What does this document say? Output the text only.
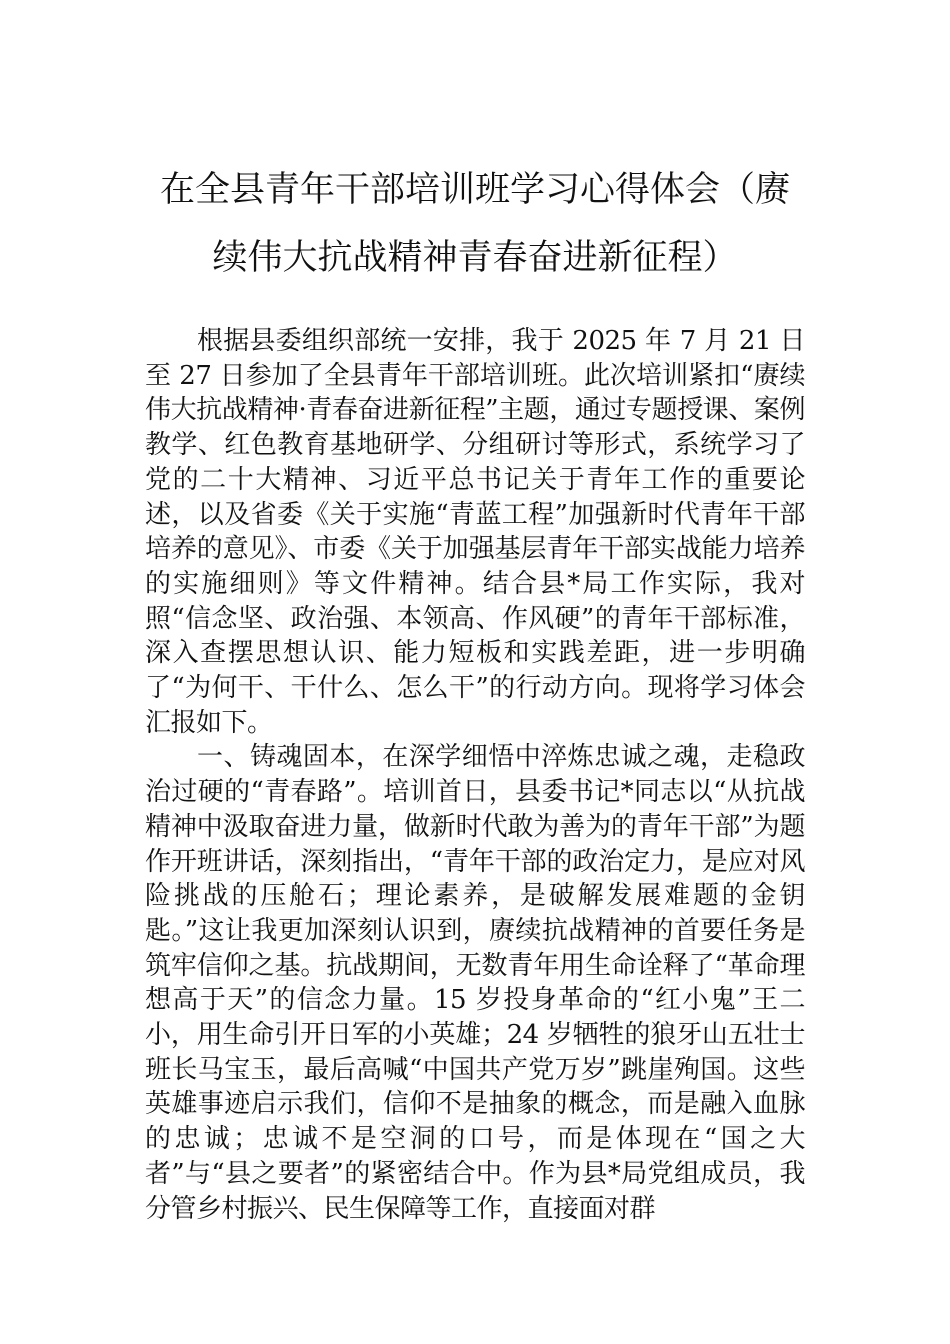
在全县青年干部培训班学习心得体会（赓
续伟大抗战精神青春奋进新征程）

根据县委组织部统一安排，我于 2025 年 7 月 21 日至 27 日参加了全县青年干部培训班。此次培训紧扣“赓续伟大抗战精神·青春奋进新征程”主题，通过专题授课、案例教学、红色教育基地研学、分组研讨等形式，系统学习了党的二十大精神、习近平总书记关于青年工作的重要论述，以及省委《关于实施“青蓝工程”加强新时代青年干部培养的意见》、市委《关于加强基层青年干部实战能力培养的实施细则》等文件精神。结合县*局工作实际，我对照“信念坚、政治强、本领高、作风硬”的青年干部标准，深入查摆思想认识、能力短板和实践差距，进一步明确了“为何干、干什么、怎么干”的行动方向。现将学习体会汇报如下。

一、铸魂固本，在深学细悟中淬炼忠诚之魂，走稳政治过硬的“青春路”。培训首日，县委书记*同志以“从抗战精神中汲取奋进力量，做新时代敢为善为的青年干部”为题作开班讲话，深刻指出，“青年干部的政治定力，是应对风险挑战的压舱石；理论素养，是破解发展难题的金钥匙。”这让我更加深刻认识到，赓续抗战精神的首要任务是筑牢信仰之基。抗战期间，无数青年用生命诠释了“革命理想高于天”的信念力量。15 岁投身革命的“红小鬼”王二小，用生命引开日军的小英雄；24 岁牺牲的狼牙山五壮士班长马宝玉，最后高喊“中国共产党万岁”跳崖殉国。这些英雄事迹启示我们，信仰不是抽象的概念，而是融入血脉的忠诚；忠诚不是空洞的口号，而是体现在“国之大者”与“县之要者”的紧密结合中。作为县*局党组成员，我分管乡村振兴、民生保障等工作，直接面对群
